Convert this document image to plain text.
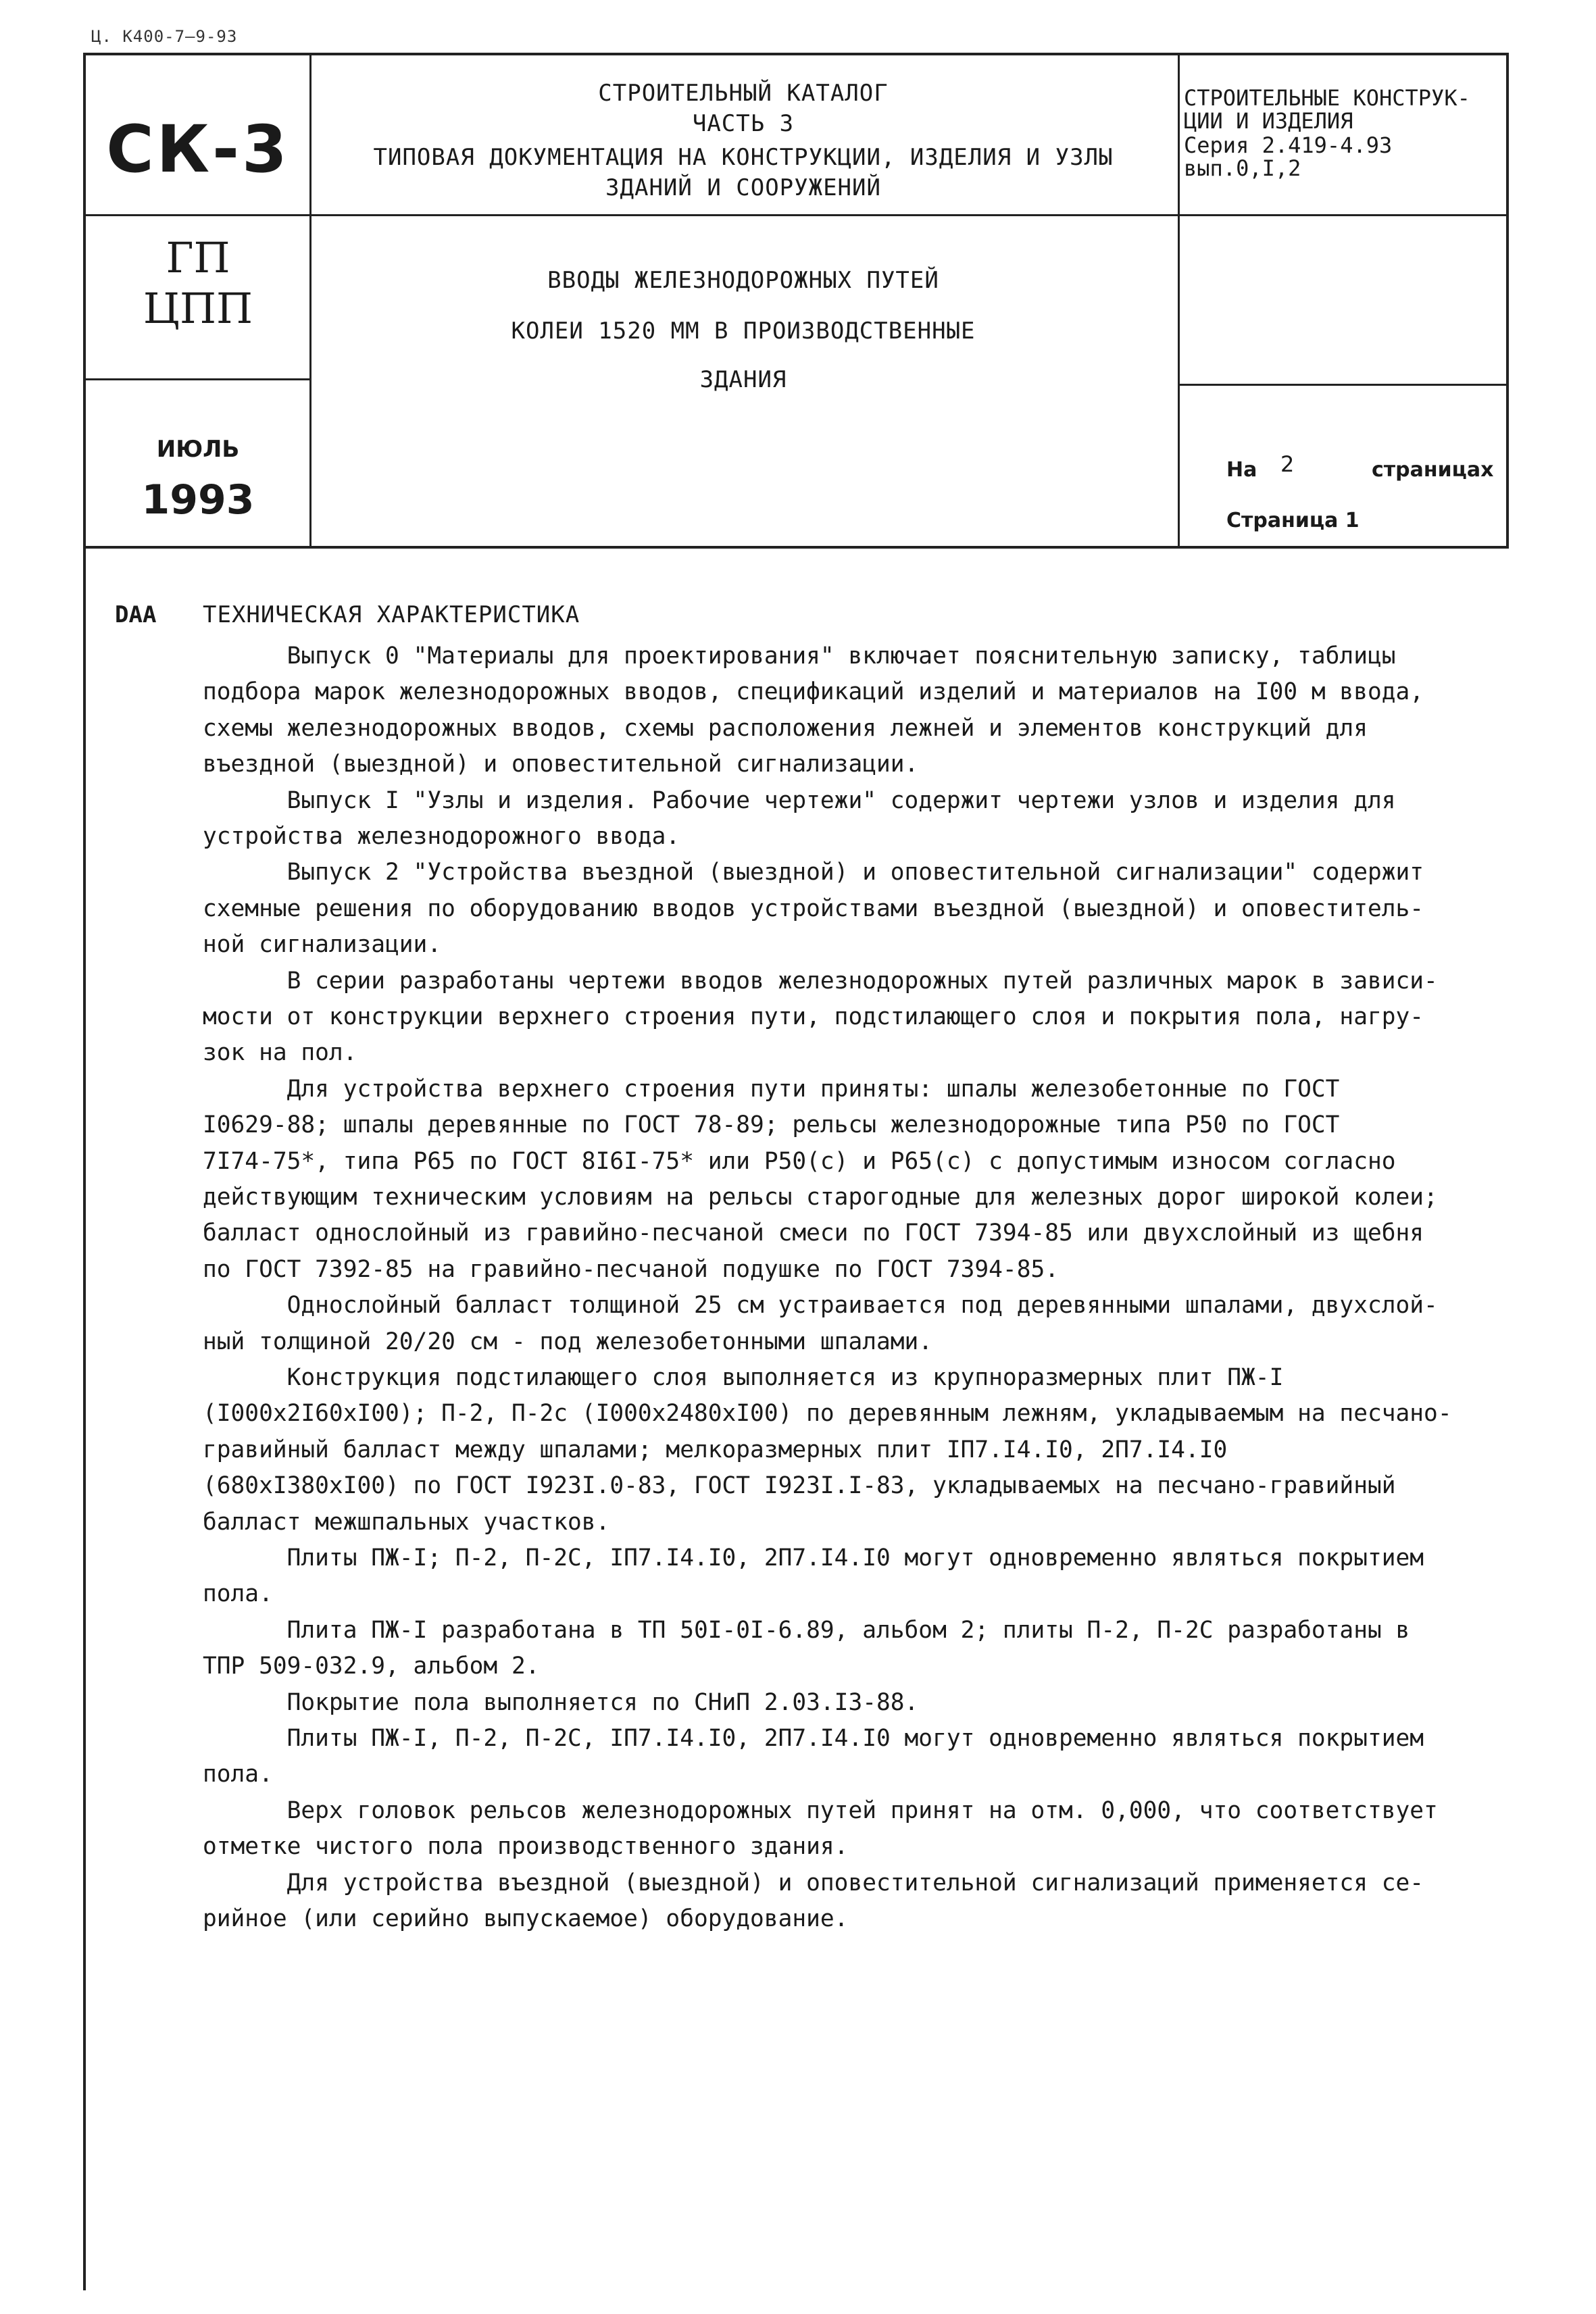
Ц. K400-7—9-93
СК-3
ГП
ЦПП
ИЮЛЬ
1993
СТРОИТЕЛЬНЫЙ КАТАЛОГ
ЧАСТЬ 3
ТИПОВАЯ ДОКУМЕНТАЦИЯ НА КОНСТРУКЦИИ, ИЗДЕЛИЯ И УЗЛЫ
ЗДАНИЙ И СООРУЖЕНИЙ
ВВОДЫ ЖЕЛЕЗНОДОРОЖНЫХ ПУТЕЙ
КОЛЕИ 1520 ММ В ПРОИЗВОДСТВЕННЫЕ
ЗДАНИЯ
СТРОИТЕЛЬНЫЕ КОНСТРУК-
ЦИИ И ИЗДЕЛИЯ
Серия 2.419-4.93
вып.0,I,2
На 2	страницах
Страница 1
DAA ТЕХНИЧЕСКАЯ ХАРАКТЕРИСТИКА
Выпуск 0 "Материалы для проектирования" включает пояснительную записку, таблицы
подбора марок железнодорожных вводов, спецификаций изделий и материалов на I00 м ввода,
схемы железнодорожных вводов, схемы расположения лежней и элементов конструкций для
въездной (выездной) и оповестительной сигнализации.
Выпуск I "Узлы и изделия. Рабочие чертежи" содержит чертежи узлов и изделия для
устройства железнодорожного ввода.
Выпуск 2 "Устройства въездной (выездной) и оповестительной сигнализации" содержит
схемные решения по оборудованию вводов устройствами въездной (выездной) и оповеститель-
ной сигнализации.
В серии разработаны чертежи вводов железнодорожных путей различных марок в зависи-
мости от конструкции верхнего строения пути, подстилающего слоя и покрытия пола, нагру-
зок на пол.
Для устройства верхнего строения пути приняты: шпалы железобетонные по ГОСТ
I0629-88; шпалы деревянные по ГОСТ 78-89; рельсы железнодорожные типа Р50 по ГОСТ
7I74-75*, типа Р65 по ГОСТ 8I6I-75* или Р50(с) и Р65(с) с допустимым износом согласно
действующим техническим условиям на рельсы старогодные для железных дорог широкой колеи;
балласт однослойный из гравийно-песчаной смеси по ГОСТ 7394-85 или двухслойный из щебня
по ГОСТ 7392-85 на гравийно-песчаной подушке по ГОСТ 7394-85.
Однослойный балласт толщиной 25 см устраивается под деревянными шпалами, двухслой-
ный толщиной 20/20 см - под железобетонными шпалами.
Конструкция подстилающего слоя выполняется из крупноразмерных плит ПЖ-I
(I000x2I60xI00); П-2, П-2с (I000x2480xI00) по деревянным лежням, укладываемым на песчано-
гравийный балласт между шпалами; мелкоразмерных плит IП7.I4.I0, 2П7.I4.I0
(680xI380xI00) по ГОСТ I923I.0-83, ГОСТ I923I.I-83, укладываемых на песчано-гравийный
балласт межшпальных участков.
Плиты ПЖ-I; П-2, П-2С, IП7.I4.I0, 2П7.I4.I0 могут одновременно являться покрытием
пола.
Плита ПЖ-I разработана в ТП 50I-0I-6.89, альбом 2; плиты П-2, П-2С разработаны в
ТПР 509-032.9, альбом 2.
Покрытие пола выполняется по СНиП 2.03.I3-88.
Плиты ПЖ-I, П-2, П-2С, IП7.I4.I0, 2П7.I4.I0 могут одновременно являться покрытием
пола.
Верх головок рельсов железнодорожных путей принят на отм. 0,000, что соответствует
отметке чистого пола производственного здания.
Для устройства въездной (выездной) и оповестительной сигнализаций применяется се-
рийное (или серийно выпускаемое) оборудование.
